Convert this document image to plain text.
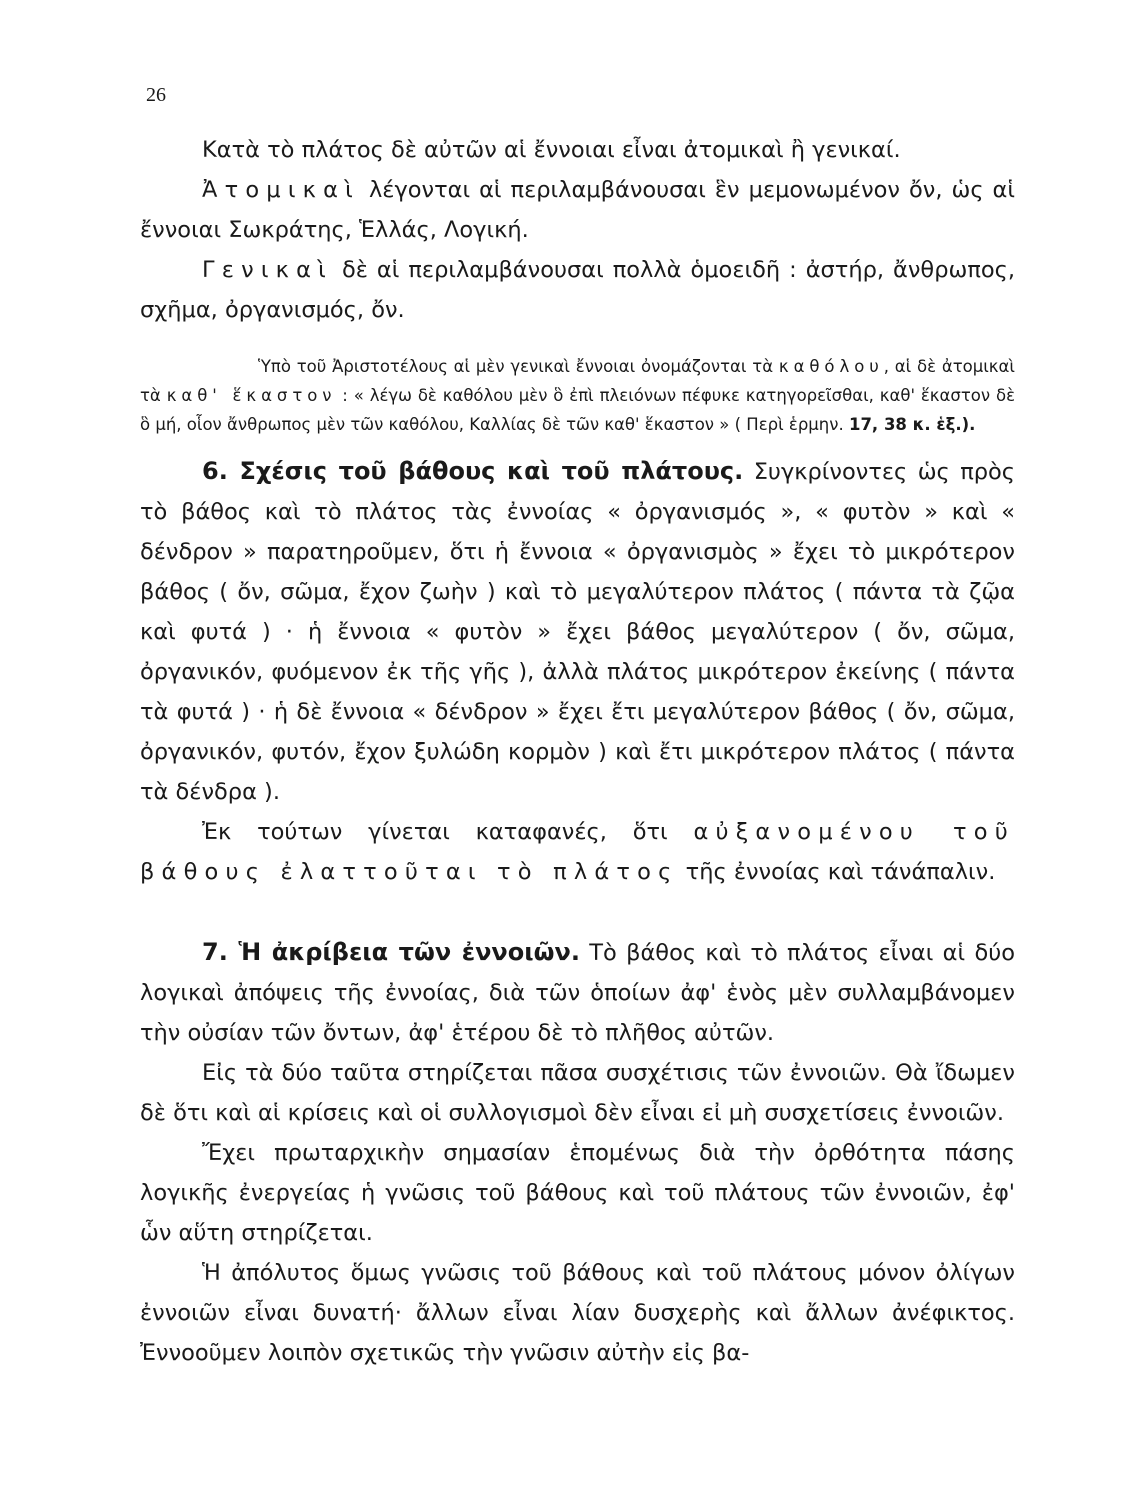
26

Κατὰ τὸ πλάτος δὲ αὐτῶν αἱ ἔννοιαι εἶναι ἀτομικαὶ ἢ γενικαί.

Ἀτομικαὶ λέγονται αἱ περιλαμβάνουσαι ἓν μεμονωμένον ὄν, ὡς αἱ ἔννοιαι Σωκράτης, Ἑλλάς, Λογική.

Γενικαὶ δὲ αἱ περιλαμβάνουσαι πολλὰ ὁμοειδῆ : ἀστήρ, ἄνθρωπος, σχῆμα, ὀργανισμός, ὄν.

Ὑπὸ τοῦ Ἀριστοτέλους αἱ μὲν γενικαὶ ἔννοιαι ὀνομάζονται τὰ καθόλου, αἱ δὲ ἀτομικαὶ τὰ καθ' ἕκαστον : « λέγω δὲ καθόλου μὲν ὃ ἐπὶ πλειόνων πέφυκε κατηγορεῖσθαι, καθ' ἕκαστον δὲ ὃ μή, οἷον ἄνθρωπος μὲν τῶν καθόλου, Καλλίας δὲ τῶν καθ' ἕκαστον » ( Περὶ ἑρμην. 17, 38 κ. ἑξ.).

6. Σχέσις τοῦ βάθους καὶ τοῦ πλάτους. Συγκρίνοντες ὡς πρὸς τὸ βάθος καὶ τὸ πλάτος τὰς ἐννοίας « ὀργανισμός », « φυτὸν » καὶ « δένδρον » παρατηροῦμεν, ὅτι ἡ ἔννοια « ὀργανισμὸς » ἔχει τὸ μικρότερον βάθος ( ὄν, σῶμα, ἔχον ζωὴν ) καὶ τὸ μεγαλύτερον πλάτος ( πάντα τὰ ζῷα καὶ φυτά ) · ἡ ἔννοια « φυτὸν » ἔχει βάθος μεγαλύτερον ( ὄν, σῶμα, ὀργανικόν, φυόμενον ἐκ τῆς γῆς ), ἀλλὰ πλάτος μικρότερον ἐκείνης ( πάντα τὰ φυτά ) · ἡ δὲ ἔννοια « δένδρον » ἔχει ἔτι μεγαλύτερον βάθος ( ὄν, σῶμα, ὀργανικόν, φυτόν, ἔχον ξυλώδη κορμὸν ) καὶ ἔτι μικρότερον πλάτος ( πάντα τὰ δένδρα ).

Ἐκ τούτων γίνεται καταφανές, ὅτι αὐξανομένου τοῦ βάθους ἐλαττοῦται τὸ πλάτος τῆς ἐννοίας καὶ τάνάπαλιν.

7. Ἡ ἀκρίβεια τῶν ἐννοιῶν. Τὸ βάθος καὶ τὸ πλάτος εἶναι αἱ δύο λογικαὶ ἀπόψεις τῆς ἐννοίας, διὰ τῶν ὁποίων ἀφ' ἑνὸς μὲν συλλαμβάνομεν τὴν οὐσίαν τῶν ὄντων, ἀφ' ἑτέρου δὲ τὸ πλῆθος αὐτῶν.

Εἰς τὰ δύο ταῦτα στηρίζεται πᾶσα συσχέτισις τῶν ἐννοιῶν. Θὰ ἴδωμεν δὲ ὅτι καὶ αἱ κρίσεις καὶ οἱ συλλογισμοὶ δὲν εἶναι εἰ μὴ συσχετίσεις ἐννοιῶν.

Ἔχει πρωταρχικὴν σημασίαν ἑπομένως διὰ τὴν ὀρθότητα πάσης λογικῆς ἐνεργείας ἡ γνῶσις τοῦ βάθους καὶ τοῦ πλάτους τῶν ἐννοιῶν, ἐφ' ὧν αὕτη στηρίζεται.

Ἡ ἀπόλυτος ὅμως γνῶσις τοῦ βάθους καὶ τοῦ πλάτους μόνον ὀλίγων ἐννοιῶν εἶναι δυνατή· ἄλλων εἶναι λίαν δυσχερὴς καὶ ἄλλων ἀνέφικτος. Ἐννοοῦμεν λοιπὸν σχετικῶς τὴν γνῶσιν αὐτὴν εἰς βα-
